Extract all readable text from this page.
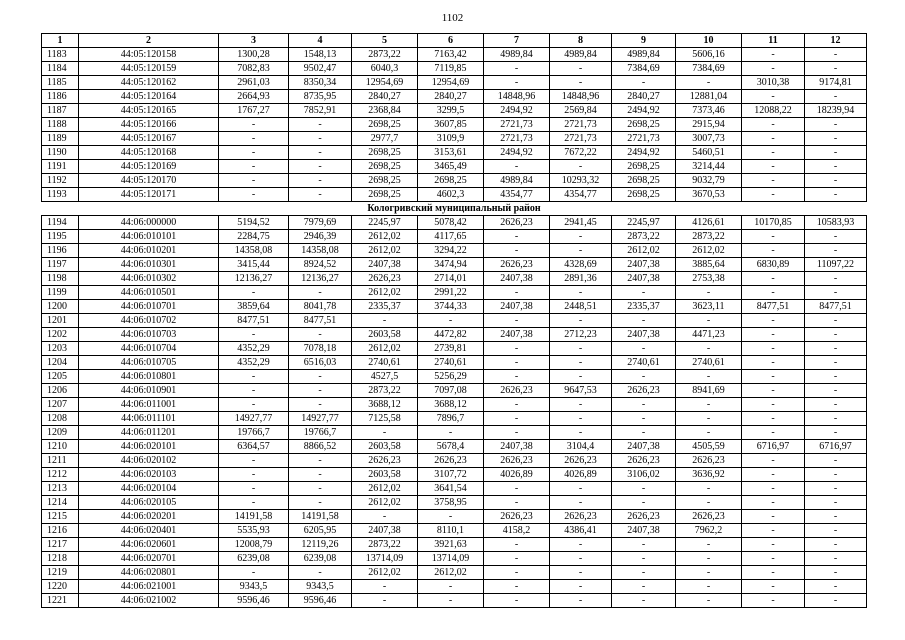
1102
1	2	3	4	5	6	7	8	9	10	11	12
1183	44:05:120158	1300,28	1548,13	2873,22	7163,42	4989,84	4989,84	4989,84	5606,16	-	-
1184	44:05:120159	7082,83	9502,47	6040,3	7119,85	-	-	7384,69	7384,69	-	-
1185	44:05:120162	2961,03	8350,34	12954,69	12954,69	-	-	-	-	3010,38	9174,81
1186	44:05:120164	2664,93	8735,95	2840,27	2840,27	14848,96	14848,96	2840,27	12881,04	-	-
1187	44:05:120165	1767,27	7852,91	2368,84	3299,5	2494,92	2569,84	2494,92	7373,46	12088,22	18239,94
1188	44:05:120166	-	-	2698,25	3607,85	2721,73	2721,73	2698,25	2915,94	-	-
1189	44:05:120167	-	-	2977,7	3109,9	2721,73	2721,73	2721,73	3007,73	-	-
1190	44:05:120168	-	-	2698,25	3153,61	2494,92	7672,22	2494,92	5460,51	-	-
1191	44:05:120169	-	-	2698,25	3465,49	-	-	2698,25	3214,44	-	-
1192	44:05:120170	-	-	2698,25	2698,25	4989,84	10293,32	2698,25	9032,79	-	-
1193	44:05:120171	-	-	2698,25	4602,3	4354,77	4354,77	2698,25	3670,53	-	-
Кологривский муниципальный район											
1194	44:06:000000	5194,52	7979,69	2245,97	5078,42	2626,23	2941,45	2245,97	4126,61	10170,85	10583,93
1195	44:06:010101	2284,75	2946,39	2612,02	4117,65	-	-	2873,22	2873,22	-	-
1196	44:06:010201	14358,08	14358,08	2612,02	3294,22	-	-	2612,02	2612,02	-	-
1197	44:06:010301	3415,44	8924,52	2407,38	3474,94	2626,23	4328,69	2407,38	3885,64	6830,89	11097,22
1198	44:06:010302	12136,27	12136,27	2626,23	2714,01	2407,38	2891,36	2407,38	2753,38	-	-
1199	44:06:010501	-	-	2612,02	2991,22	-	-	-	-	-	-
1200	44:06:010701	3859,64	8041,78	2335,37	3744,33	2407,38	2448,51	2335,37	3623,11	8477,51	8477,51
1201	44:06:010702	8477,51	8477,51	-	-	-	-	-	-	-	-
1202	44:06:010703	-	-	2603,58	4472,82	2407,38	2712,23	2407,38	4471,23	-	-
1203	44:06:010704	4352,29	7078,18	2612,02	2739,81	-	-	-	-	-	-
1204	44:06:010705	4352,29	6516,03	2740,61	2740,61	-	-	2740,61	2740,61	-	-
1205	44:06:010801	-	-	4527,5	5256,29	-	-	-	-	-	-
1206	44:06:010901	-	-	2873,22	7097,08	2626,23	9647,53	2626,23	8941,69	-	-
1207	44:06:011001	-	-	3688,12	3688,12	-	-	-	-	-	-
1208	44:06:011101	14927,77	14927,77	7125,58	7896,7	-	-	-	-	-	-
1209	44:06:011201	19766,7	19766,7	-	-	-	-	-	-	-	-
1210	44:06:020101	6364,57	8866,52	2603,58	5678,4	2407,38	3104,4	2407,38	4505,59	6716,97	6716,97
1211	44:06:020102	-	-	2626,23	2626,23	2626,23	2626,23	2626,23	2626,23	-	-
1212	44:06:020103	-	-	2603,58	3107,72	4026,89	4026,89	3106,02	3636,92	-	-
1213	44:06:020104	-	-	2612,02	3641,54	-	-	-	-	-	-
1214	44:06:020105	-	-	2612,02	3758,95	-	-	-	-	-	-
1215	44:06:020201	14191,58	14191,58	-	-	2626,23	2626,23	2626,23	2626,23	-	-
1216	44:06:020401	5535,93	6205,95	2407,38	8110,1	4158,2	4386,41	2407,38	7962,2	-	-
1217	44:06:020601	12008,79	12119,26	2873,22	3921,63	-	-	-	-	-	-
1218	44:06:020701	6239,08	6239,08	13714,09	13714,09	-	-	-	-	-	-
1219	44:06:020801	-	-	2612,02	2612,02	-	-	-	-	-	-
1220	44:06:021001	9343,5	9343,5	-	-	-	-	-	-	-	-
1221	44:06:021002	9596,46	9596,46	-	-	-	-	-	-	-	-
